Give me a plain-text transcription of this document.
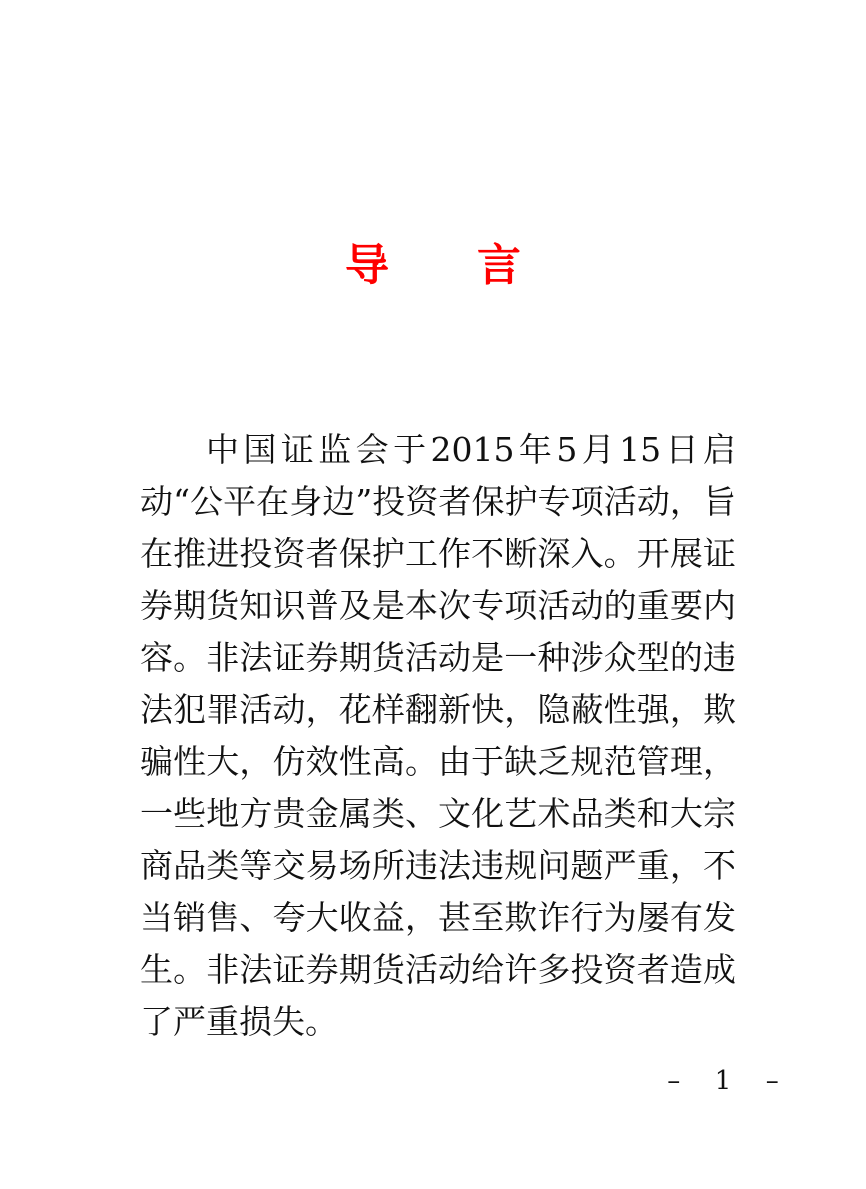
导　　言

中国证监会于2015年5月15日启动“公平在身边”投资者保护专项活动，旨在推进投资者保护工作不断深入。开展证券期货知识普及是本次专项活动的重要内容。非法证券期货活动是一种涉众型的违法犯罪活动，花样翻新快，隐蔽性强，欺骗性大，仿效性高。由于缺乏规范管理，一些地方贵金属类、文化艺术品类和大宗商品类等交易场所违法违规问题严重，不当销售、夸大收益，甚至欺诈行为屡有发生。非法证券期货活动给许多投资者造成了严重损失。

–  1  –
